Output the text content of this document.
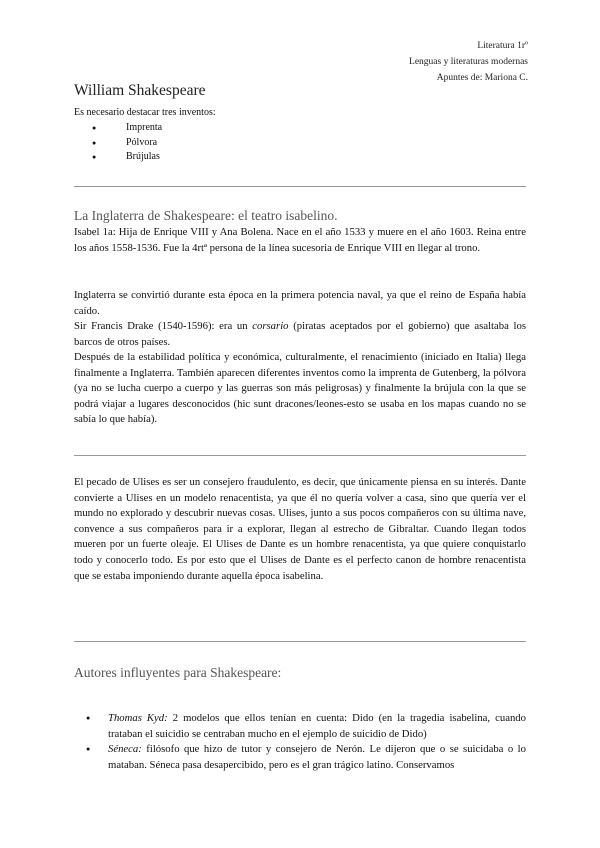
Literatura 1rº
Lenguas y literaturas modernas
Apuntes de: Mariona C.
William Shakespeare
Es necesario destacar tres inventos:
● Imprenta
● Pólvora
● Brújulas
La Inglaterra de Shakespeare: el teatro isabelino.
Isabel 1a: Hija de Enrique VIII y Ana Bolena. Nace en el año 1533 y muere en el año 1603. Reina entre los años 1558-1536. Fue la 4rtª persona de la línea sucesoria de Enrique VIII en llegar al trono.
Inglaterra se convirtió durante esta época en la primera potencia naval, ya que el reino de España había caído.
Sir Francis Drake (1540-1596): era un corsario (piratas aceptados por el gobierno) que asaltaba los barcos de otros países.
Después de la estabilidad política y económica, culturalmente, el renacimiento (iniciado en Italia) llega finalmente a Inglaterra. También aparecen diferentes inventos como la imprenta de Gutenberg, la pólvora (ya no se lucha cuerpo a cuerpo y las guerras son más peligrosas) y finalmente la brújula con la que se podrá viajar a lugares desconocidos (hic sunt dracones/leones-esto se usaba en los mapas cuando no se sabía lo que había).
El pecado de Ulises es ser un consejero fraudulento, es decir, que únicamente piensa en su interés. Dante convierte a Ulises en un modelo renacentista, ya que él no quería volver a casa, sino que quería ver el mundo no explorado y descubrir nuevas cosas. Ulises, junto a sus pocos compañeros con su última nave, convence a sus compañeros para ir a explorar, llegan al estrecho de Gibraltar. Cuando llegan todos mueren por un fuerte oleaje. El Ulises de Dante es un hombre renacentista, ya que quiere conquistarlo todo y conocerlo todo. Es por esto que el Ulises de Dante es el perfecto canon de hombre renacentista que se estaba imponiendo durante aquella época isabelina.
Autores influyentes para Shakespeare:
● Thomas Kyd: 2 modelos que ellos tenían en cuenta: Dido (en la tragedia isabelina, cuando trataban el suicidio se centraban mucho en el ejemplo de suicidio de Dido)
● Séneca: filósofo que hizo de tutor y consejero de Nerón. Le dijeron que o se suicidaba o lo mataban. Séneca pasa desapercibido, pero es el gran trágico latino. Conservamos
